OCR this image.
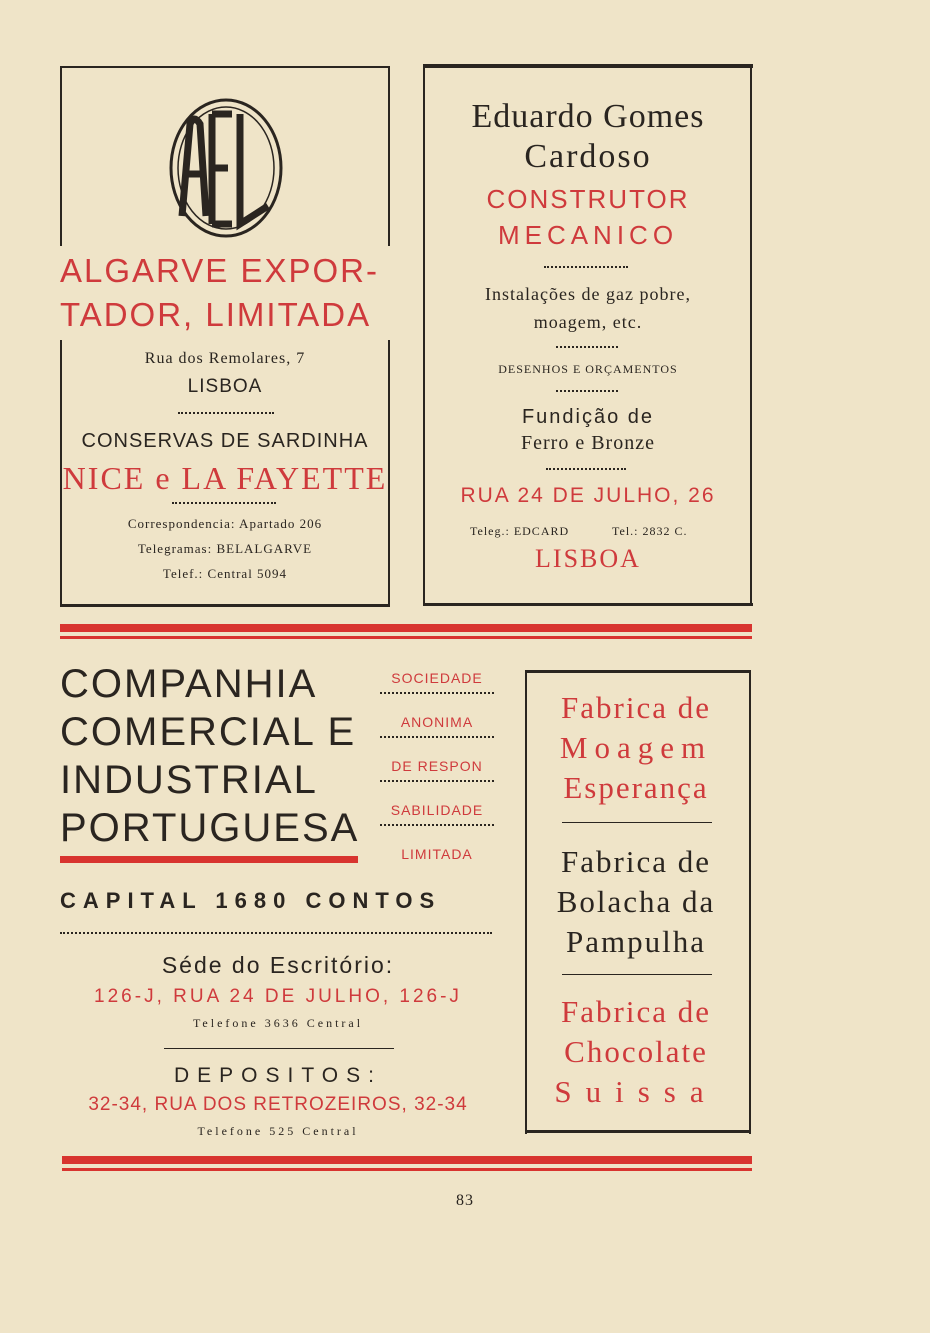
ALGARVE EXPOR-
TADOR, LIMITADA
Rua dos Remolares, 7
LISBOA
CONSERVAS DE SARDINHA
NICE e LA FAYETTE
Correspondencia: Apartado 206
Telegramas: BELALGARVE
Telef.: Central 5094
Eduardo Gomes
Cardoso
CONSTRUTOR
MECANICO
Instalações de gaz pobre,
moagem, etc.
DESENHOS E ORÇAMENTOS
Fundição de
Ferro e Bronze
RUA 24 DE JULHO, 26
Teleg.: EDCARD	Tel.: 2832 C.
LISBOA
COMPANHIA
COMERCIAL E
INDUSTRIAL
PORTUGUESA
SOCIEDADE
ANONIMA
DE RESPON
SABILIDADE
LIMITADA
CAPITAL 1680 CONTOS
Séde do Escritório:
126-J, RUA 24 DE JULHO, 126-J
Telefone 3636 Central
DEPOSITOS:
32-34, RUA DOS RETROZEIROS, 32-34
Telefone 525 Central
Fabrica de
Moagem
Esperança
Fabrica de
Bolacha da
Pampulha
Fabrica de
Chocolate
Suissa
83
